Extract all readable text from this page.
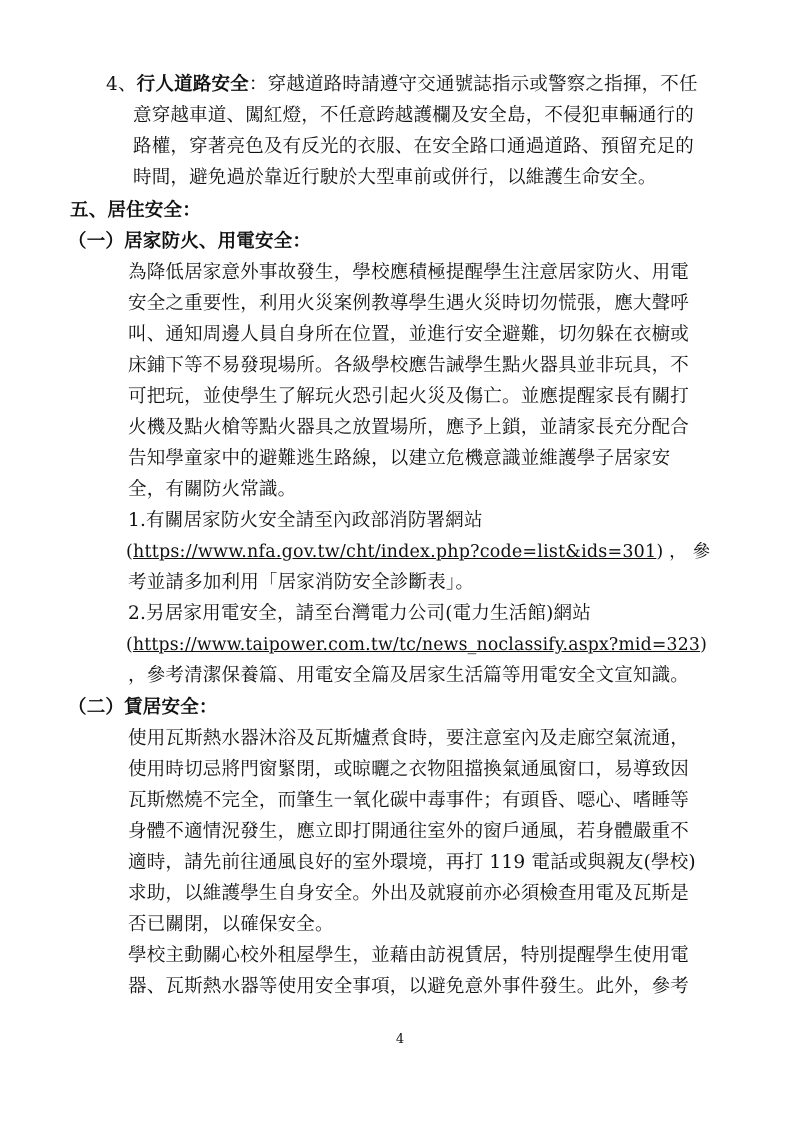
4、行人道路安全：穿越道路時請遵守交通號誌指示或警察之指揮，不任
意穿越車道、闖紅燈，不任意跨越護欄及安全島，不侵犯車輛通行的
路權，穿著亮色及有反光的衣服、在安全路口通過道路、預留充足的
時間，避免過於靠近行駛於大型車前或併行，以維護生命安全。
五、居住安全：
（一）居家防火、用電安全：
為降低居家意外事故發生，學校應積極提醒學生注意居家防火、用電
安全之重要性，利用火災案例教導學生遇火災時切勿慌張，應大聲呼
叫、通知周邊人員自身所在位置，並進行安全避難，切勿躲在衣櫥或
床鋪下等不易發現場所。各級學校應告誡學生點火器具並非玩具，不
可把玩，並使學生了解玩火恐引起火災及傷亡。並應提醒家長有關打
火機及點火槍等點火器具之放置場所，應予上鎖，並請家長充分配合
告知學童家中的避難逃生路線，以建立危機意識並維護學子居家安
全，有關防火常識。
1.有關居家防火安全請至內政部消防署網站
(https://www.nfa.gov.tw/cht/index.php?code=list&ids=301) ， 參
考並請多加利用「居家消防安全診斷表」。
2.另居家用電安全，請至台灣電力公司(電力生活館)網站
(https://www.taipower.com.tw/tc/news_noclassify.aspx?mid=323)
，參考清潔保養篇、用電安全篇及居家生活篇等用電安全文宣知識。
（二）賃居安全：
使用瓦斯熱水器沐浴及瓦斯爐煮食時，要注意室內及走廊空氣流通，
使用時切忌將門窗緊閉，或晾曬之衣物阻擋換氣通風窗口，易導致因
瓦斯燃燒不完全，而肇生一氧化碳中毒事件；有頭昏、噁心、嗜睡等
身體不適情況發生，應立即打開通往室外的窗戶通風，若身體嚴重不
適時，請先前往通風良好的室外環境，再打 119 電話或與親友(學校)
求助，以維護學生自身安全。外出及就寢前亦必須檢查用電及瓦斯是
否已關閉，以確保安全。
學校主動關心校外租屋學生，並藉由訪視賃居，特別提醒學生使用電
器、瓦斯熱水器等使用安全事項，以避免意外事件發生。此外，參考
4
